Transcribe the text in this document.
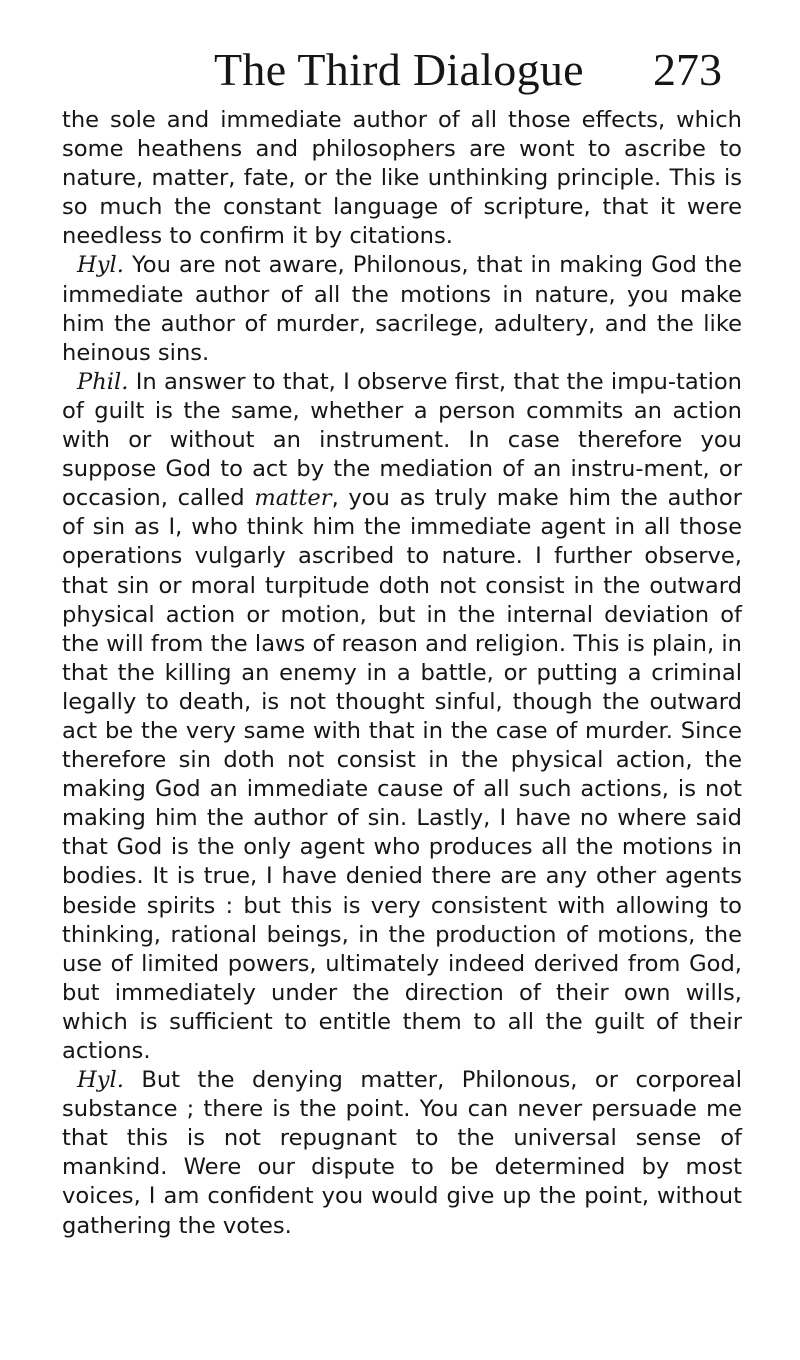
The Third Dialogue 273

the sole and immediate author of all those effects, which some heathens and philosophers are wont to ascribe to nature, matter, fate, or the like unthinking principle. This is so much the constant language of scripture, that it were needless to confirm it by citations.

Hyl. You are not aware, Philonous, that in making God the immediate author of all the motions in nature, you make him the author of murder, sacrilege, adultery, and the like heinous sins.

Phil. In answer to that, I observe first, that the impu-tation of guilt is the same, whether a person commits an action with or without an instrument. In case therefore you suppose God to act by the mediation of an instru-ment, or occasion, called matter, you as truly make him the author of sin as I, who think him the immediate agent in all those operations vulgarly ascribed to nature. I further observe, that sin or moral turpitude doth not consist in the outward physical action or motion, but in the internal deviation of the will from the laws of reason and religion. This is plain, in that the killing an enemy in a battle, or putting a criminal legally to death, is not thought sinful, though the outward act be the very same with that in the case of murder. Since therefore sin doth not consist in the physical action, the making God an immediate cause of all such actions, is not making him the author of sin. Lastly, I have no where said that God is the only agent who produces all the motions in bodies. It is true, I have denied there are any other agents beside spirits : but this is very consistent with allowing to thinking, rational beings, in the production of motions, the use of limited powers, ultimately indeed derived from God, but immediately under the direction of their own wills, which is sufficient to entitle them to all the guilt of their actions.

Hyl. But the denying matter, Philonous, or corporeal substance ; there is the point. You can never persuade me that this is not repugnant to the universal sense of mankind. Were our dispute to be determined by most voices, I am confident you would give up the point, without gathering the votes.
